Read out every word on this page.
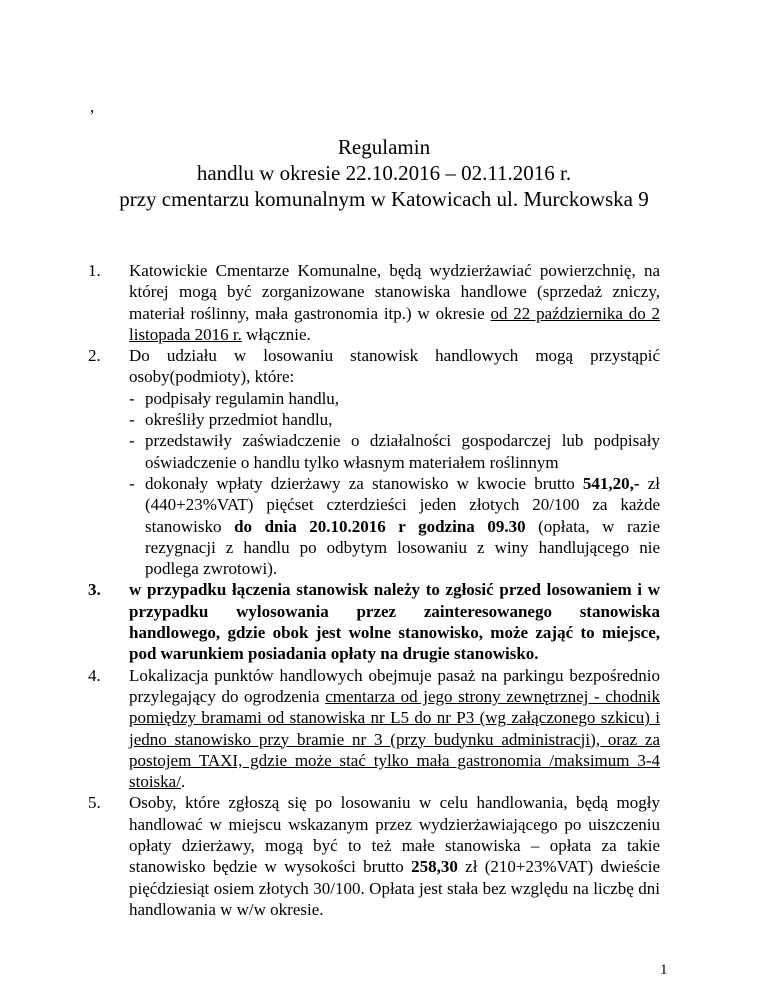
,
Regulamin
handlu w okresie 22.10.2016 – 02.11.2016 r.
przy cmentarzu komunalnym w Katowicach ul. Murckowska 9
1.	Katowickie Cmentarze Komunalne, będą wydzierżawiać powierzchnię, na której mogą być zorganizowane stanowiska handlowe (sprzedaż zniczy, materiał roślinny, mała gastronomia itp.) w okresie od 22 października do 2 listopada 2016 r. włącznie.
2.	Do udziału w losowaniu stanowisk handlowych mogą przystąpić osoby(podmioty), które:
- podpisały regulamin handlu,
- określiły przedmiot handlu,
- przedstawiły zaświadczenie o działalności gospodarczej lub podpisały oświadczenie o handlu tylko własnym materiałem roślinnym
- dokonały wpłaty dzierżawy za stanowisko w kwocie brutto 541,20,- zł (440+23%VAT) pięćset czterdzieści jeden złotych 20/100 za każde stanowisko do dnia 20.10.2016 r godzina 09.30 (opłata, w razie rezygnacji z handlu po odbytym losowaniu z winy handlującego nie podlega zwrotowi).
3.	w przypadku łączenia stanowisk należy to zgłosić przed losowaniem i w przypadku wylosowania przez zainteresowanego stanowiska handlowego, gdzie obok jest wolne stanowisko, może zająć to miejsce, pod warunkiem posiadania opłaty na drugie stanowisko.
4.	Lokalizacja punktów handlowych obejmuje pasaż na parkingu bezpośrednio przylegający do ogrodzenia cmentarza od jego strony zewnętrznej - chodnik pomiędzy bramami od stanowiska nr L5 do nr P3 (wg załączonego szkicu) i jedno stanowisko przy bramie nr 3 (przy budynku administracji), oraz za postojem TAXI, gdzie może stać tylko mała gastronomia /maksimum 3-4 stoiska/.
5.	Osoby, które zgłoszą się po losowaniu w celu handlowania, będą mogły handlować w miejscu wskazanym przez wydzierżawiającego po uiszczeniu opłaty dzierżawy, mogą być to też małe stanowiska – opłata za takie stanowisko będzie w wysokości brutto 258,30 zł (210+23%VAT) dwieście pięćdziesiąt osiem złotych 30/100. Opłata jest stała bez względu na liczbę dni handlowania w w/w okresie.
1
